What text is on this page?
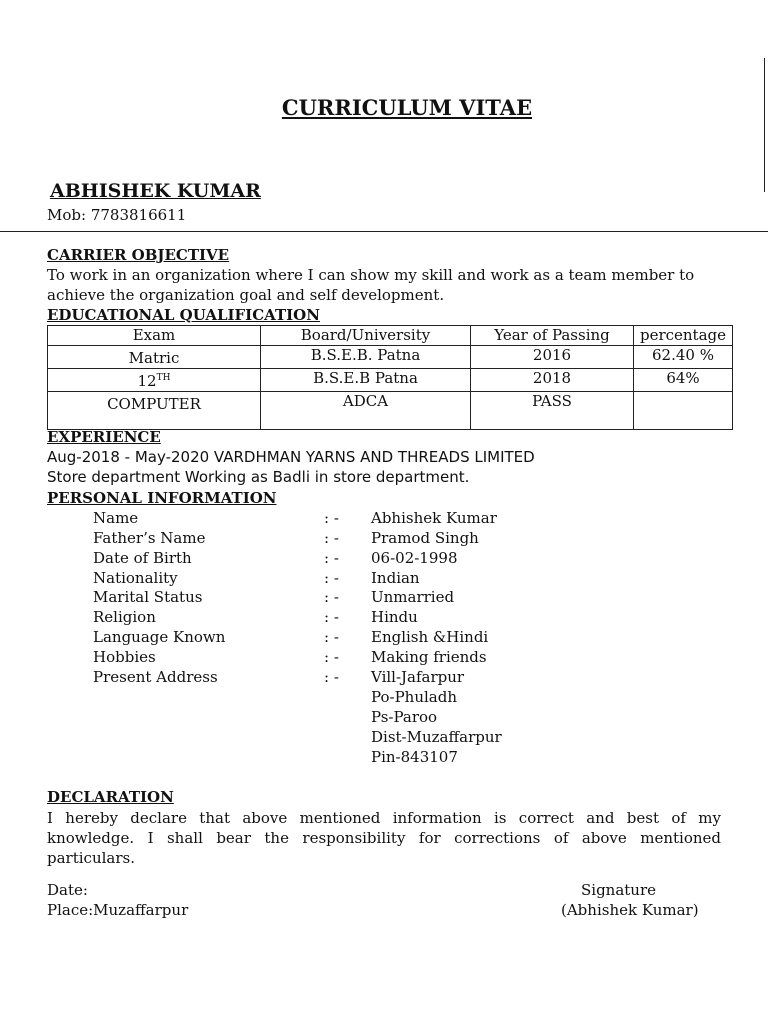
CURRICULUM VITAE
ABHISHEK KUMAR
Mob: 7783816611
CARRIER OBJECTIVE
To work in an organization where I can show my skill and work as a team member to
achieve the organization goal and self development.
EDUCATIONAL QUALIFICATION
Exam	Board/University	Year of Passing	percentage
Matric	B.S.E.B. Patna	2016	62.40 %
12TH	B.S.E.B Patna	2018	64%
COMPUTER	ADCA	PASS	
EXPERIENCE
Aug-2018 - May-2020 VARDHMAN YARNS AND THREADS LIMITED
Store department Working as Badli in store department.
PERSONAL INFORMATION
Name	: - Abhishek Kumar
Father’s Name	: - Pramod Singh
Date of Birth	: - 06-02-1998
Nationality	: - Indian
Marital Status	: - Unmarried
Religion	: - Hindu
Language Known	: - English &Hindi
Hobbies	: - Making friends
Present Address	: - Vill-Jafarpur
Po-Phuladh
Ps-Paroo
Dist-Muzaffarpur
Pin-843107
DECLARATION
I hereby declare that above mentioned information is correct and best of my knowledge. I shall bear the responsibility for corrections of above mentioned particulars.
Date:
Place:Muzaffarpur
Signature
(Abhishek Kumar)
